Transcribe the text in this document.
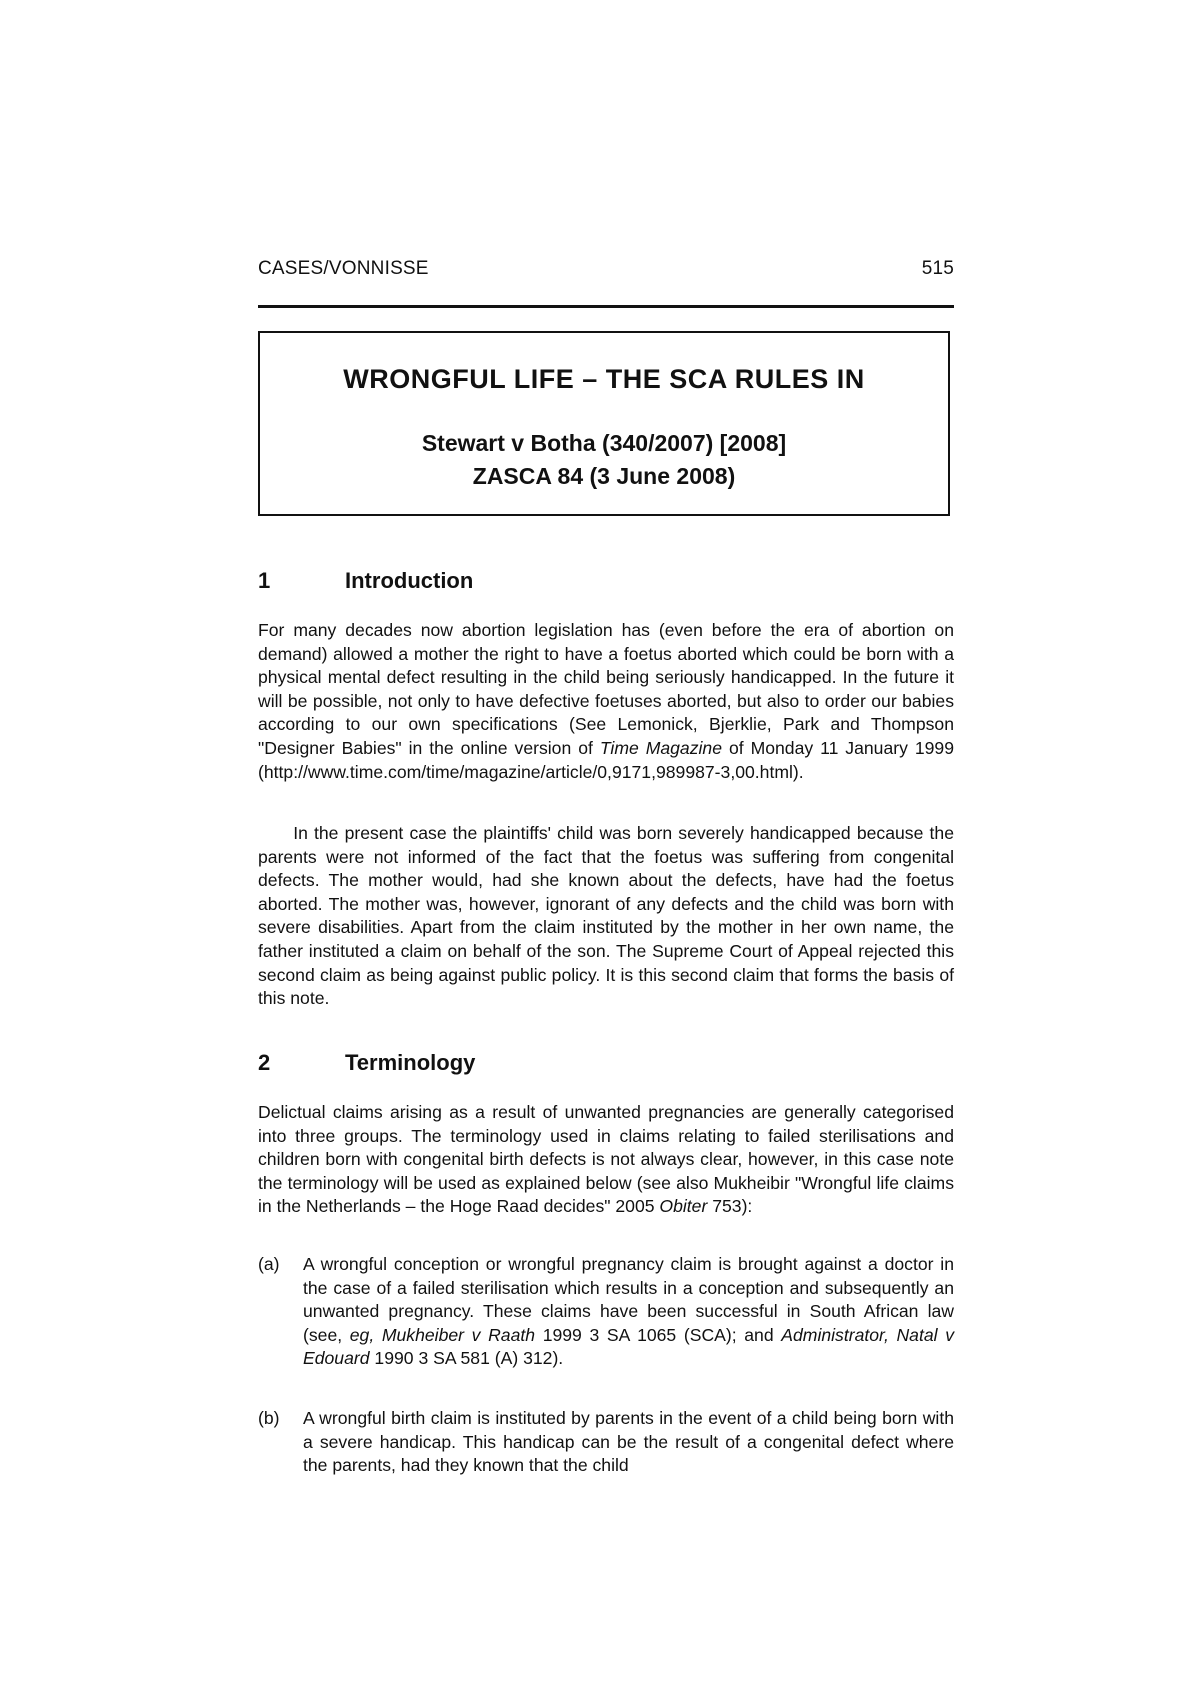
CASES/VONNISSE	515
WRONGFUL LIFE – THE SCA RULES IN
Stewart v Botha (340/2007) [2008]
ZASCA 84 (3 June 2008)
1	Introduction

For many decades now abortion legislation has (even before the era of abortion on demand) allowed a mother the right to have a foetus aborted which could be born with a physical mental defect resulting in the child being seriously handicapped. In the future it will be possible, not only to have defective foetuses aborted, but also to order our babies according to our own specifications (See Lemonick, Bjerklie, Park and Thompson "Designer Babies" in the online version of Time Magazine of Monday 11 January 1999 (http://www.time.com/time/magazine/article/0,9171,989987-3,00.html).

In the present case the plaintiffs' child was born severely handicapped because the parents were not informed of the fact that the foetus was suffering from congenital defects. The mother would, had she known about the defects, have had the foetus aborted. The mother was, however, ignorant of any defects and the child was born with severe disabilities. Apart from the claim instituted by the mother in her own name, the father instituted a claim on behalf of the son. The Supreme Court of Appeal rejected this second claim as being against public policy. It is this second claim that forms the basis of this note.

2	Terminology

Delictual claims arising as a result of unwanted pregnancies are generally categorised into three groups. The terminology used in claims relating to failed sterilisations and children born with congenital birth defects is not always clear, however, in this case note the terminology will be used as explained below (see also Mukheibir "Wrongful life claims in the Netherlands – the Hoge Raad decides" 2005 Obiter 753):

(a) A wrongful conception or wrongful pregnancy claim is brought against a doctor in the case of a failed sterilisation which results in a conception and subsequently an unwanted pregnancy. These claims have been successful in South African law (see, eg, Mukheiber v Raath 1999 3 SA 1065 (SCA); and Administrator, Natal v Edouard 1990 3 SA 581 (A) 312).

(b) A wrongful birth claim is instituted by parents in the event of a child being born with a severe handicap. This handicap can be the result of a congenital defect where the parents, had they known that the child
